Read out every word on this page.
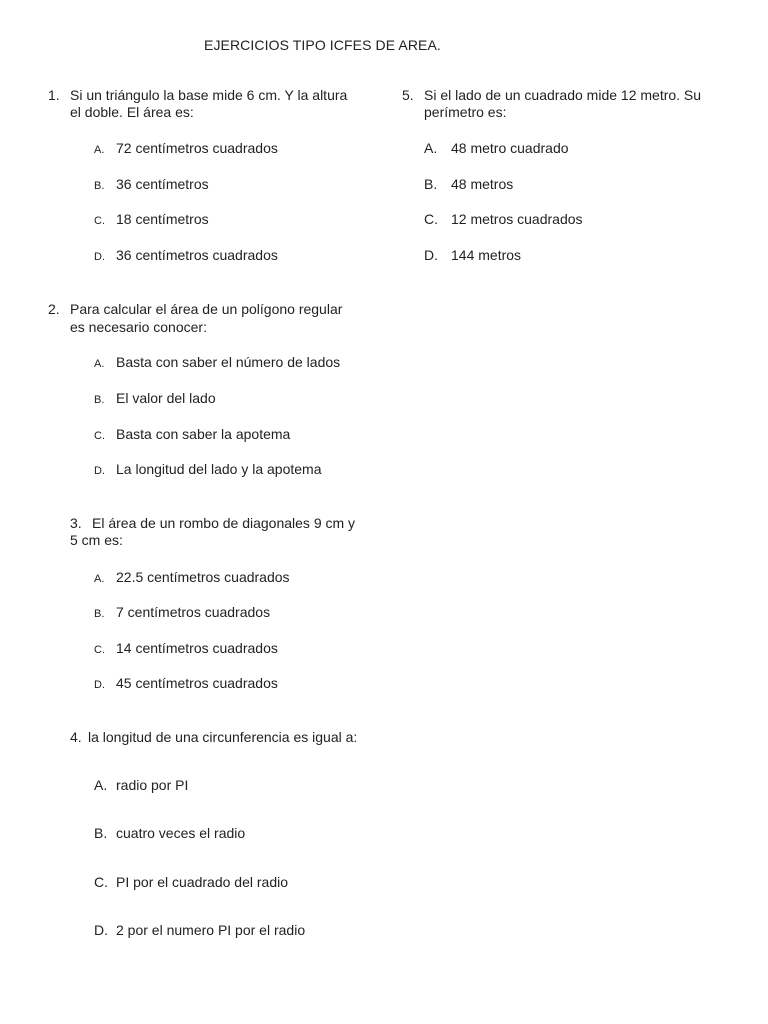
EJERCICIOS TIPO ICFES DE AREA.
1. Si un triángulo la base mide 6 cm. Y la altura
el doble. El área es:
A. 72 centímetros cuadrados
B. 36 centímetros
C. 18 centímetros
D. 36 centímetros cuadrados
5. Si el lado de un cuadrado mide 12 metro. Su
perímetro es:
A. 48 metro cuadrado
B. 48 metros
C. 12 metros cuadrados
D. 144 metros
2. Para calcular el área de un polígono regular
es necesario conocer:
A. Basta con saber el número de lados
B. El valor del lado
C. Basta con saber la apotema
D. La longitud del lado y la apotema
3. El área de un rombo de diagonales 9 cm y
5 cm es:
A. 22.5 centímetros cuadrados
B. 7 centímetros cuadrados
C. 14 centímetros cuadrados
D. 45 centímetros cuadrados
4. la longitud de una circunferencia es igual a:
A. radio por PI
B. cuatro veces el radio
C. PI por el cuadrado del radio
D. 2 por el numero PI por el radio
